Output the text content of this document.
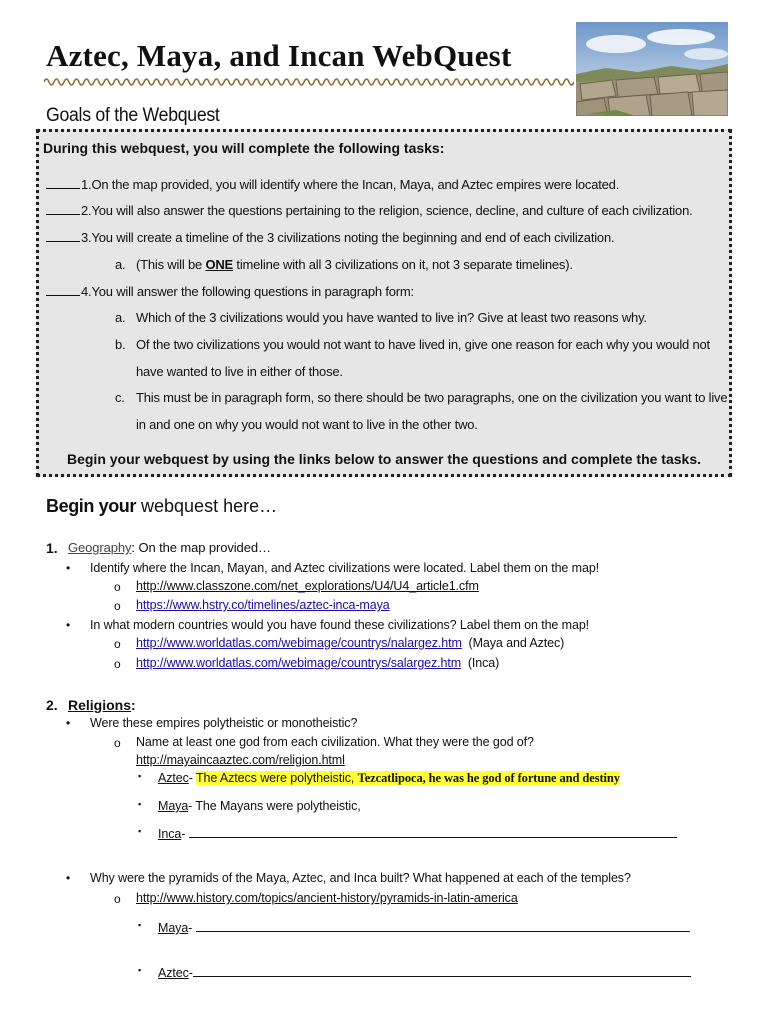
Aztec, Maya, and Incan WebQuest
Goals of the Webquest
During this webquest, you will complete the following tasks:
1.On the map provided, you will identify where the Incan, Maya, and Aztec empires were located.
2.You will also answer the questions pertaining to the religion, science, decline, and culture of each civilization.
3.You will create a timeline of the 3 civilizations noting the beginning and end of each civilization.
a. (This will be ONE timeline with all 3 civilizations on it, not 3 separate timelines).
4.You will answer the following questions in paragraph form:
a. Which of the 3 civilizations would you have wanted to live in? Give at least two reasons why.
b. Of the two civilizations you would not want to have lived in, give one reason for each why you would not
have wanted to live in either of those.
c. This must be in paragraph form, so there should be two paragraphs, one on the civilization you want to live
in and one on why you would not want to live in the other two.
Begin your webquest by using the links below to answer the questions and complete the tasks.
Begin your webquest here…
1. Geography: On the map provided…
• Identify where the Incan, Mayan, and Aztec civilizations were located. Label them on the map!
o http://www.classzone.com/net_explorations/U4/U4_article1.cfm
o https://www.hstry.co/timelines/aztec-inca-maya
• In what modern countries would you have found these civilizations? Label them on the map!
o http://www.worldatlas.com/webimage/countrys/nalargez.htm (Maya and Aztec)
o http://www.worldatlas.com/webimage/countrys/salargez.htm (Inca)
2. Religions:
• Were these empires polytheistic or monotheistic?
o Name at least one god from each civilization. What they were the god of?
http://mayaincaaztec.com/religion.html
▪ Aztec- The Aztecs were polytheistic, Tezcatlipoca, he was he god of fortune and destiny
▪ Maya- The Mayans were polytheistic,
▪ Inca-
• Why were the pyramids of the Maya, Aztec, and Inca built? What happened at each of the temples?
o http://www.history.com/topics/ancient-history/pyramids-in-latin-america
▪ Maya-
▪ Aztec-
